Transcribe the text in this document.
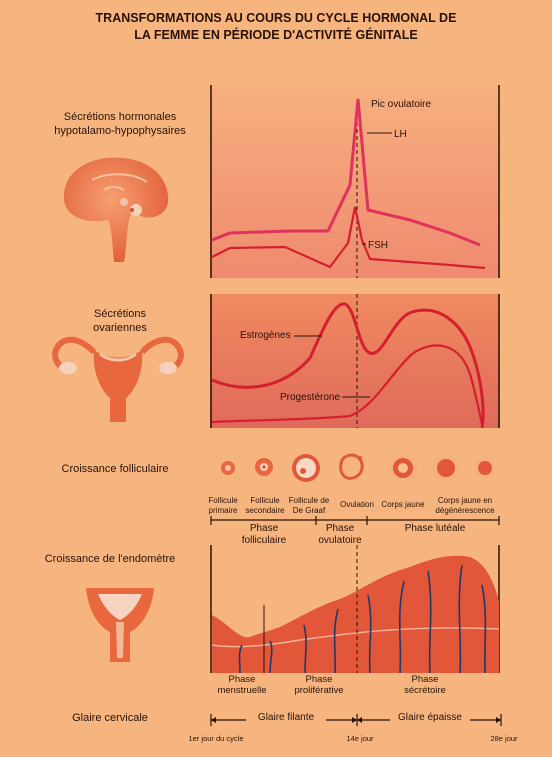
TRANSFORMATIONS AU COURS DU CYCLE HORMONAL DE
LA FEMME EN PÉRIODE D'ACTIVITÉ GÉNITALE
Sécrétions hormonales
hypotalamo-hypophysaires
Sécrétions
ovariennes
Croissance folliculaire
Croissance de l'endomètre
Glaire cervicale
Pic ovulatoire
LH
FSH
Estrogènes
Progestérone
Follicule
primaire
Follicule
secondaire
Follicule de
De Graaf
Ovulation Corps jaune	Corps jaune en
dégénérescence
Phase
folliculaire
Phase
ovulatoire
Phase lutéale
Phase
menstruelle
Phase
proliférative
Phase
sécrétoire
Glaire filante	Glaire épaisse
1er jour du cycle	14e jour	28e jour
